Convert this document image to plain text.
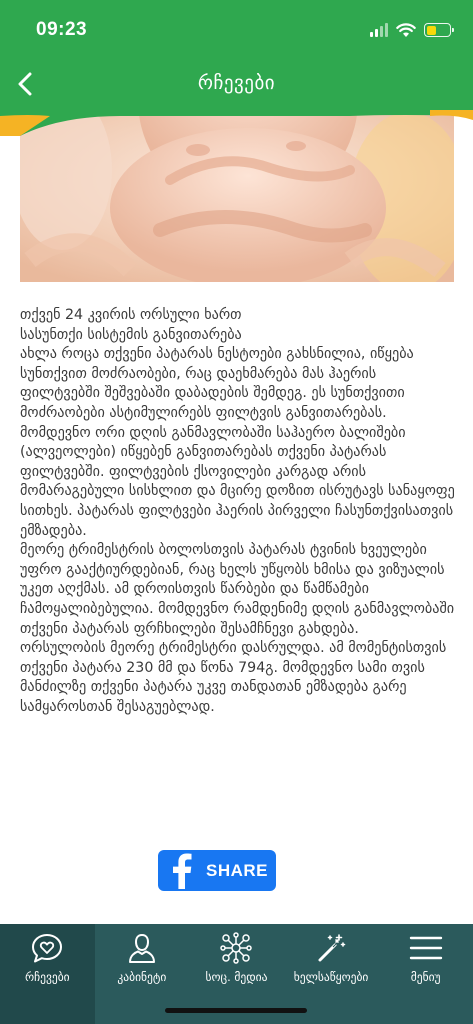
09:23
რჩევები
თქვენ 24 კვირის ორსული ხართ
სასუნთქი სისტემის განვითარება
ახლა როცა თქვენი პატარას ნესტოები გახსნილია, იწყება სუნთქვით მოძრაობები, რაც დაეხმარება მას ჰაერის ფილტვებში შეშვებაში დაბადების შემდეგ. ეს სუნთქვითი მოძრაობები ასტიმულირებს ფილტვის განვითარებას. მომდევნო ორი დღის განმავლობაში საჰაერო ბალიშები (ალვეოლები) იწყებენ განვითარებას თქვენი პატარას ფილტვებში. ფილტვების ქსოვილები კარგად არის მომარაგებული სისხლით და მცირე დოზით ისრუტავს სანაყოფე სითხეს. პატარას ფილტვები ჰაერის პირველი ჩასუნთქვისათვის ემზადება.
მეორე ტრიმესტრის ბოლოსთვის პატარას ტვინის ხვეულები უფრო გააქტიურდებიან, რაც ხელს უწყობს ხმისა და ვიზუალის უკეთ აღქმას. ამ დროისთვის წარბები და წამწამები ჩამოყალიბებულია. მომდევნო რამდენიმე დღის განმავლობაში თქვენი პატარას ფრჩხილები შესამჩნევი გახდება.
ორსულობის მეორე ტრიმესტრი დასრულდა. ამ მომენტისთვის თქვენი პატარა 230 მმ და წონა 794გ. მომდევნო სამი თვის მანძილზე თქვენი პატარა უკვე თანდათან ემზადება გარე სამყაროსთან შესაგუებლად.
SHARE
რჩევები	კაბინეტი	სოც. მედია ხელსაწყოები	მენიუ
